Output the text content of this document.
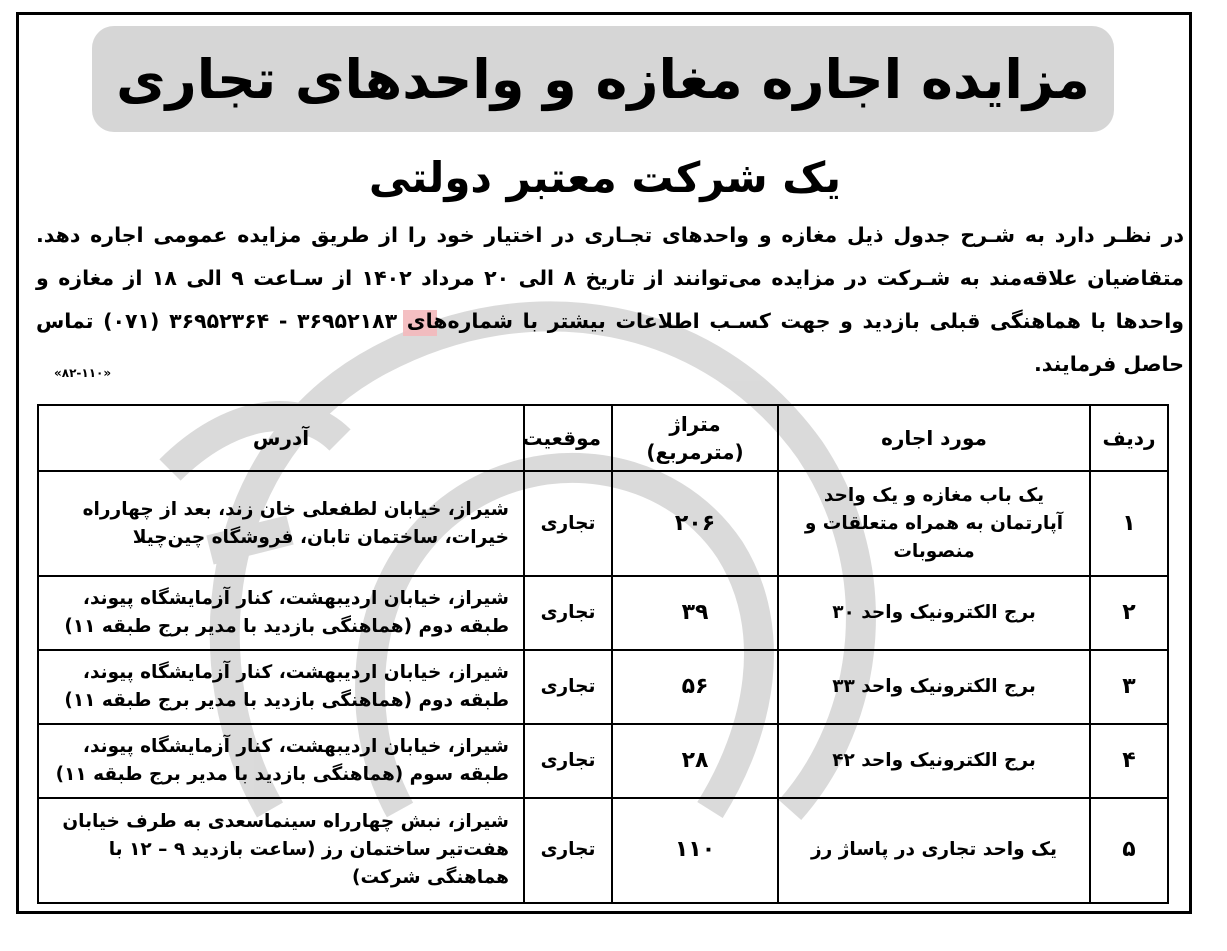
مزایده اجاره مغازه و واحدهای تجاری
یک شرکت معتبر دولتی

در نظـر دارد به شـرح جدول ذیل مغازه و واحدهای تجـاری در اختیار خود را از طریق مزایده عمومی اجاره دهد. متقاضیان علاقه‌مند به شـرکت در مزایده می‌توانند از تاریخ ۸ الی ۲۰ مرداد ۱۴۰۲ از سـاعت ۹ الی ۱۸ از مغازه و واحدها با هماهنگی قبلی بازدید و جهت کسـب اطلاعات بیشتر با شمارههای ۳۶۹۵۲۱۸۳ - ۳۶۹۵۲۳۶۴ (۰۷۱) تماس حاصل فرمایند.

«۸۲-۱۱۰»
ردیف	مورد اجاره	متراژ (مترمربع)	موقعیت	آدرس
۱	یک باب مغازه و یک واحد آپارتمان به همراه متعلقات و منصوبات	۲۰۶	تجاری	شیراز، خیابان لطفعلی خان زند، بعد از چهارراه خیرات، ساختمان تابان، فروشگاه چین‌چیلا
۲	برج الکترونیک واحد ۳۰	۳۹	تجاری	شیراز، خیابان اردیبهشت، کنار آزمایشگاه پیوند، طبقه دوم (هماهنگی بازدید با مدیر برج طبقه ۱۱)
۳	برج الکترونیک واحد ۳۳	۵۶	تجاری	شیراز، خیابان اردیبهشت، کنار آزمایشگاه پیوند، طبقه دوم (هماهنگی بازدید با مدیر برج طبقه ۱۱)
۴	برج الکترونیک واحد ۴۲	۲۸	تجاری	شیراز، خیابان اردیبهشت، کنار آزمایشگاه پیوند، طبقه سوم (هماهنگی بازدید با مدیر برج طبقه ۱۱)
۵	یک واحد تجاری در پاساژ رز	۱۱۰	تجاری	شیراز، نبش چهارراه سینماسعدی به طرف خیابان هفت‌تیر ساختمان رز (ساعت بازدید ۹ – ۱۲ با هماهنگی شرکت)
